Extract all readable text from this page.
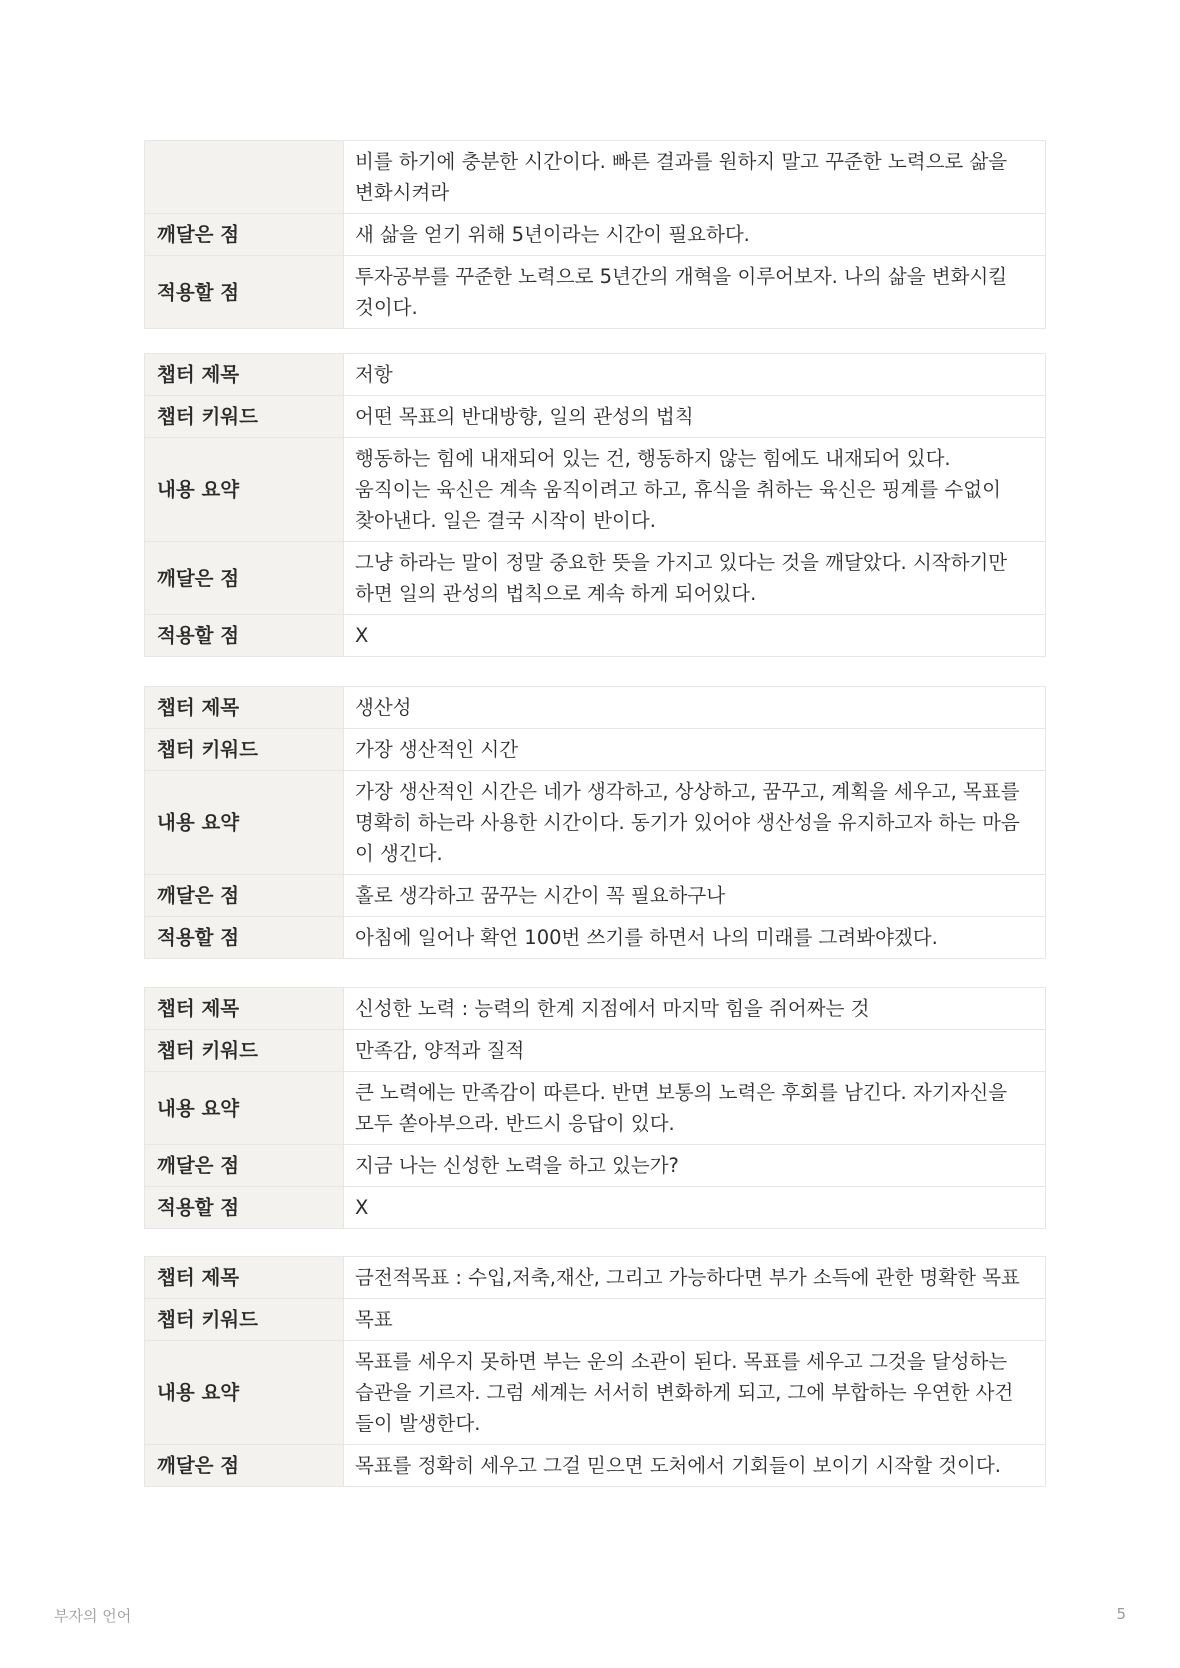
	비를 하기에 충분한 시간이다. 빠른 결과를 원하지 말고 꾸준한 노력으로 삶을
변화시켜라
깨달은 점	새 삶을 얻기 위해 5년이라는 시간이 필요하다.
적용할 점	투자공부를 꾸준한 노력으로 5년간의 개혁을 이루어보자. 나의 삶을 변화시킬
것이다.
챕터 제목	저항
챕터 키워드	어떤 목표의 반대방향, 일의 관성의 법칙
내용 요약	행동하는 힘에 내재되어 있는 건, 행동하지 않는 힘에도 내재되어 있다.
움직이는 육신은 계속 움직이려고 하고, 휴식을 취하는 육신은 핑계를 수없이
찾아낸다. 일은 결국 시작이 반이다.
깨달은 점	그냥 하라는 말이 정말 중요한 뜻을 가지고 있다는 것을 깨달았다. 시작하기만
하면 일의 관성의 법칙으로 계속 하게 되어있다.
적용할 점	X
챕터 제목	생산성
챕터 키워드	가장 생산적인 시간
내용 요약	가장 생산적인 시간은 네가 생각하고, 상상하고, 꿈꾸고, 계획을 세우고, 목표를
명확히 하는라 사용한 시간이다. 동기가 있어야 생산성을 유지하고자 하는 마음
이 생긴다.
깨달은 점	홀로 생각하고 꿈꾸는 시간이 꼭 필요하구나
적용할 점	아침에 일어나 확언 100번 쓰기를 하면서 나의 미래를 그려봐야겠다.
챕터 제목	신성한 노력 : 능력의 한계 지점에서 마지막 힘을 쥐어짜는 것
챕터 키워드	만족감, 양적과 질적
내용 요약	큰 노력에는 만족감이 따른다. 반면 보통의 노력은 후회를 남긴다. 자기자신을
모두 쏟아부으라. 반드시 응답이 있다.
깨달은 점	지금 나는 신성한 노력을 하고 있는가?
적용할 점	X
챕터 제목	금전적목표 : 수입,저축,재산, 그리고 가능하다면 부가 소득에 관한 명확한 목표
챕터 키워드	목표
내용 요약	목표를 세우지 못하면 부는 운의 소관이 된다. 목표를 세우고 그것을 달성하는
습관을 기르자. 그럼 세계는 서서히 변화하게 되고, 그에 부합하는 우연한 사건
들이 발생한다.
깨달은 점	목표를 정확히 세우고 그걸 믿으면 도처에서 기회들이 보이기 시작할 것이다.
부자의 언어	5
